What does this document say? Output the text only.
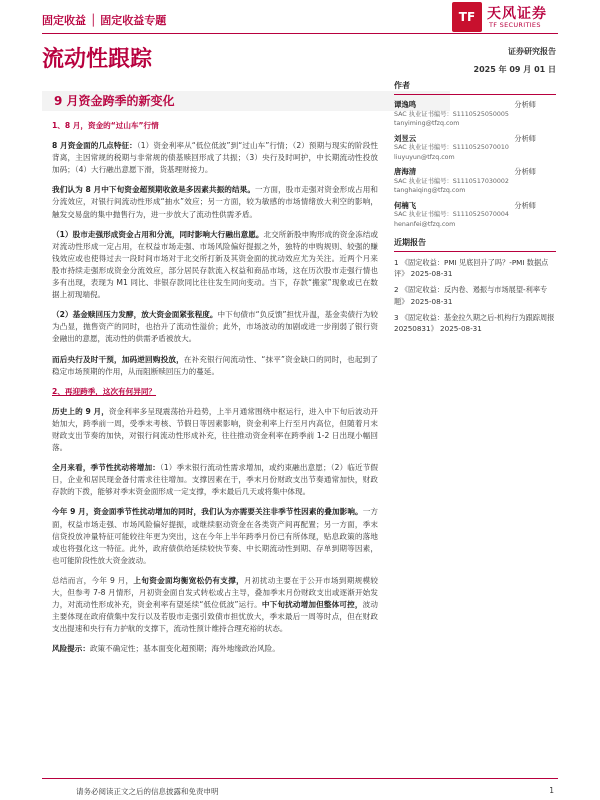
固定收益 │ 固定收益专题	TF 天风证券
TF SECURITIES
流动性跟踪	证券研究报告
2025 年 09 月 01 日
9 月资金跨季的新变化
1、8 月，资金的“过山车”行情

8 月资金面的几点特征：（1）资金利率从“低位低波”到“过山车”行情；（2）预期与现实的阶段性背离，主因常规的税期与非常规的债基赎回形成了共振；（3）央行及时呵护，中长期流动性投放加码；（4）大行融出意愿下滑，货基理财接力。

我们认为 8 月中下旬资金超预期收敛是多因素共振的结果。一方面，股市走强对资金形成占用和分流效应，对银行间流动性形成“抽水”效应；另一方面，较为敏感的市场情绪放大利空的影响，触发交易盘的集中抛售行为，进一步放大了流动性供需矛盾。

（1）股市走强形成资金占用和分流，同时影响大行融出意愿。北交所新股申购形成的资金冻结或对流动性形成一定占用，在权益市场走强、市场风险偏好提振之外，独特的申购规则、较强的赚钱效应或也使得过去一段时间市场对于北交所打新及其资金面的扰动效应尤为关注。近两个月来股市持续走强形成资金分流效应，部分居民存款流入权益和商品市场，这在历次股市走强行情也多有出现，表现为 M1 同比、非银存款同比往往发生同向变动。当下，存款“搬家”现象或已在数据上初现端倪。

（2）基金赎回压力发酵，放大资金面紧张程度。中下旬债市“负反馈”担忧升温，基金卖债行为较为凸显，抛售资产的同时，也抬升了流动性溢价；此外，市场波动的加剧或进一步削弱了银行资金融出的意愿，流动性的供需矛盾被放大。

而后央行及时干预，加码逆回购投放，在补充银行间流动性、“抹平”资金缺口的同时，也起到了稳定市场预期的作用，从而阻断赎回压力的蔓延。

2、再迎跨季，这次有何异同？

历史上的 9 月，资金利率多呈现震荡抬升趋势，上半月通常围绕中枢运行，进入中下旬后波动开始加大，跨季前一周，受季末考核、节假日等因素影响，资金利率上行至月内高位，但随着月末财政支出节奏的加快，对银行间流动性形成补充，往往推动资金利率在跨季前 1-2 日出现小幅回落。

全月来看，季节性扰动将增加：（1）季末银行流动性需求增加，或约束融出意愿；（2）临近节假日，企业和居民现金备付需求往往增加。支撑因素在于，季末月份财政支出节奏通常加快，财政存款的下拨，能够对季末资金面形成一定支撑，季末最后几天或将集中体现。

今年 9 月，资金面季节性扰动增加的同时，我们认为亦需要关注非季节性因素的叠加影响。一方面，权益市场走强、市场风险偏好提振，或继续驱动资金在各类资产间再配置；另一方面，季末信贷投放冲量特征可能较往年更为突出，这在今年上半年跨季月份已有所体现，贴息政策的落地或也将强化这一特征。此外，政府债供给延续较快节奏、中长期流动性到期、存单到期等因素，也可能阶段性放大资金波动。

总结而言，今年 9 月，上旬资金面均衡宽松仍有支撑，月初扰动主要在于公开市场到期规模较大，但参考 7-8 月情形，月初资金面自发式转松或占主导，叠加季末月份财政支出或逐渐开始发力，对流动性形成补充，资金利率有望延续“低位低波”运行。中下旬扰动增加但整体可控，波动主要体现在政府债集中发行以及若股市走强引致债市担忧放大，季末最后一周等时点，但在财政支出提速和央行有力护航的支撑下，流动性预计维持合理充裕的状态。

风险提示：政策不确定性；基本面变化超预期；海外地缘政治风险。

作者
谭逸鸣	分析师
SAC 执业证书编号：S1110525050005
tanyiming@tfzq.com
刘昱云	分析师
SAC 执业证书编号：S1110525070010
liuyuyun@tfzq.com
唐海清	分析师
SAC 执业证书编号：S1110517030002
tanghaiqing@tfzq.com
何楠飞	分析师
SAC 执业证书编号：S1110525070004
henanfei@tfzq.com
近期报告
1 《固定收益：PMI 见底回升了吗？-PMI 数据点评》 2025-08-31
2 《固定收益：反内卷、遏振与市场展望-利率专题》 2025-08-31
3 《固定收益：基金拉久期之后-机构行为跟踪周报 20250831》 2025-08-31
请务必阅读正文之后的信息披露和免责申明	1
